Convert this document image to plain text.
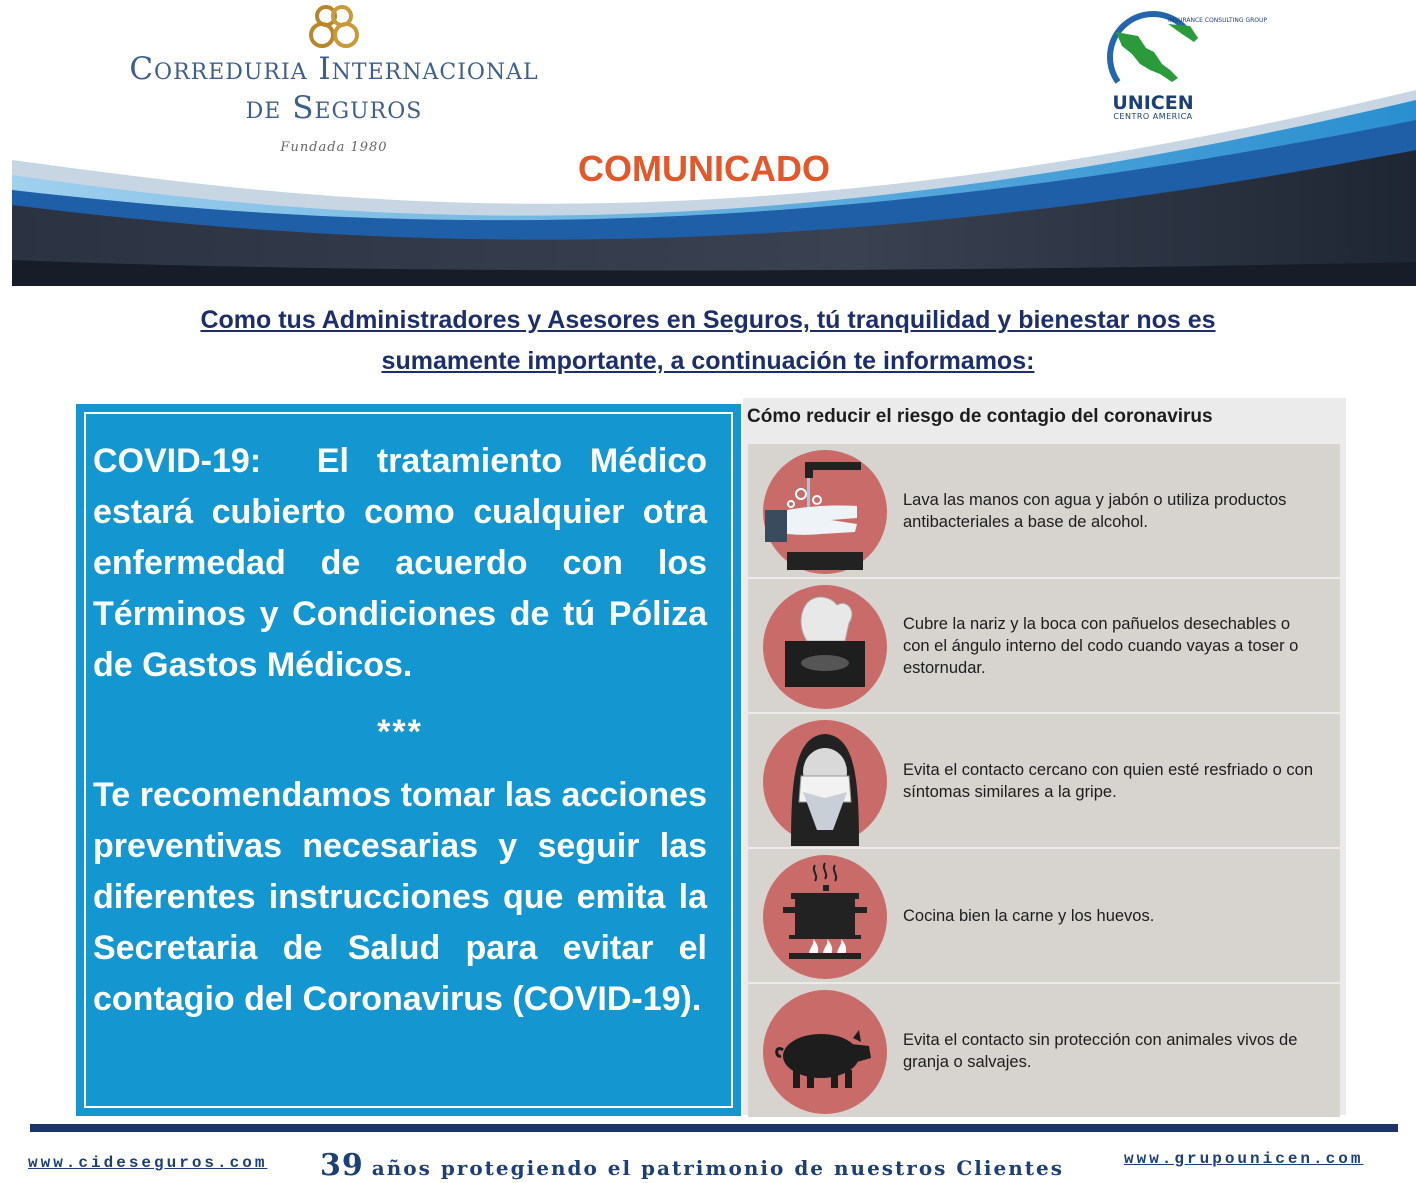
Correduria Internacional
de Seguros
Fundada 1980
INSURANCE CONSULTING GROUP
UNICEN
CENTRO AMERICA
COMUNICADO
Como tus Administradores y Asesores en Seguros, tú tranquilidad y bienestar nos es
sumamente importante, a continuación te informamos:

COVID-19: El tratamiento Médico estará cubierto como cualquier otra enfermedad de acuerdo con los Términos y Condiciones de tú Póliza de Gastos Médicos.

***

Te recomendamos tomar las acciones preventivas necesarias y seguir las diferentes instrucciones que emita la Secretaria de Salud para evitar el contagio del Coronavirus (COVID-19).

Cómo reducir el riesgo de contagio del coronavirus
Lava las manos con agua y jabón o utiliza productos antibacteriales a base de alcohol.
Cubre la nariz y la boca con pañuelos desechables o con el ángulo interno del codo cuando vayas a toser o estornudar.
Evita el contacto cercano con quien esté resfriado o con síntomas similares a la gripe.
Cocina bien la carne y los huevos.
Evita el contacto sin protección con animales vivos de granja o salvajes.
www.cideseguros.com 39 años protegiendo el patrimonio de nuestros Clientes	www.grupounicen.com
